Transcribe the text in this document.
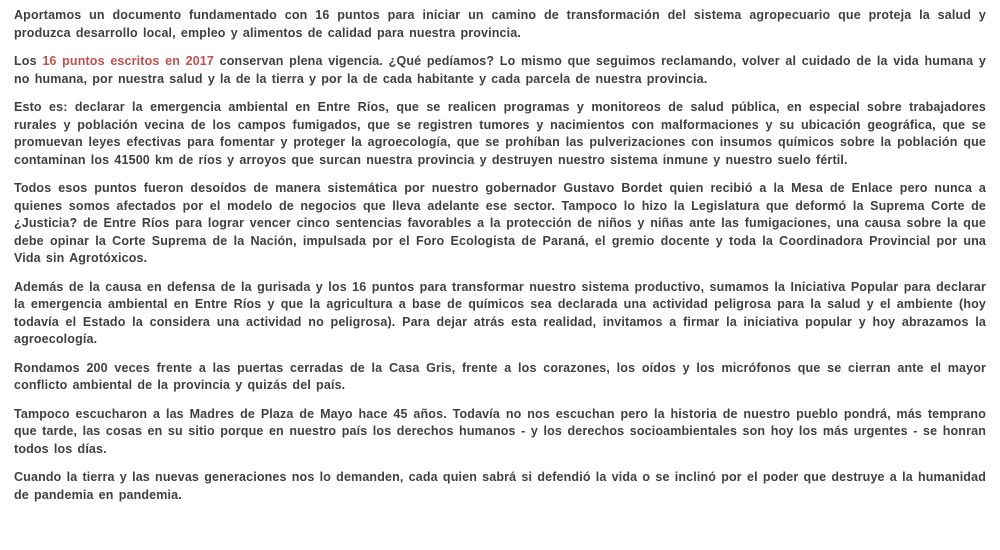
Aportamos un documento fundamentado con 16 puntos para iniciar un camino de transformación del sistema agropecuario que proteja la salud y produzca desarrollo local, empleo y alimentos de calidad para nuestra provincia.

Los 16 puntos escritos en 2017 conservan plena vigencia. ¿Qué pedíamos? Lo mismo que seguimos reclamando, volver al cuidado de la vida humana y no humana, por nuestra salud y la de la tierra y por la de cada habitante y cada parcela de nuestra provincia.

Esto es: declarar la emergencia ambiental en Entre Ríos, que se realicen programas y monitoreos de salud pública, en especial sobre trabajadores rurales y población vecina de los campos fumigados, que se registren tumores y nacimientos con malformaciones y su ubicación geográfica, que se promuevan leyes efectivas para fomentar y proteger la agroecología, que se prohíban las pulverizaciones con insumos químicos sobre la población que contaminan los 41500 km de ríos y arroyos que surcan nuestra provincia y destruyen nuestro sistema inmune y nuestro suelo fértil.

Todos esos puntos fueron desoídos de manera sistemática por nuestro gobernador Gustavo Bordet quien recibió a la Mesa de Enlace pero nunca a quienes somos afectados por el modelo de negocios que lleva adelante ese sector. Tampoco lo hizo la Legislatura que deformó la Suprema Corte de ¿Justicia? de Entre Ríos para lograr vencer cinco sentencias favorables a la protección de niños y niñas ante las fumigaciones, una causa sobre la que debe opinar la Corte Suprema de la Nación, impulsada por el Foro Ecologista de Paraná, el gremio docente y toda la Coordinadora Provincial por una Vida sin Agrotóxicos.

Además de la causa en defensa de la gurisada y los 16 puntos para transformar nuestro sistema productivo, sumamos la Iniciativa Popular para declarar la emergencia ambiental en Entre Ríos y que la agricultura a base de químicos sea declarada una actividad peligrosa para la salud y el ambiente (hoy todavía el Estado la considera una actividad no peligrosa). Para dejar atrás esta realidad, invitamos a firmar la iniciativa popular y hoy abrazamos la agroecología.

Rondamos 200 veces frente a las puertas cerradas de la Casa Gris, frente a los corazones, los oídos y los micrófonos que se cierran ante el mayor conflicto ambiental de la provincia y quizás del país.

Tampoco escucharon a las Madres de Plaza de Mayo hace 45 años. Todavía no nos escuchan pero la historia de nuestro pueblo pondrá, más temprano que tarde, las cosas en su sitio porque en nuestro país los derechos humanos - y los derechos socioambientales son hoy los más urgentes - se honran todos los días.

Cuando la tierra y las nuevas generaciones nos lo demanden, cada quien sabrá si defendió la vida o se inclinó por el poder que destruye a la humanidad de pandemia en pandemia.
